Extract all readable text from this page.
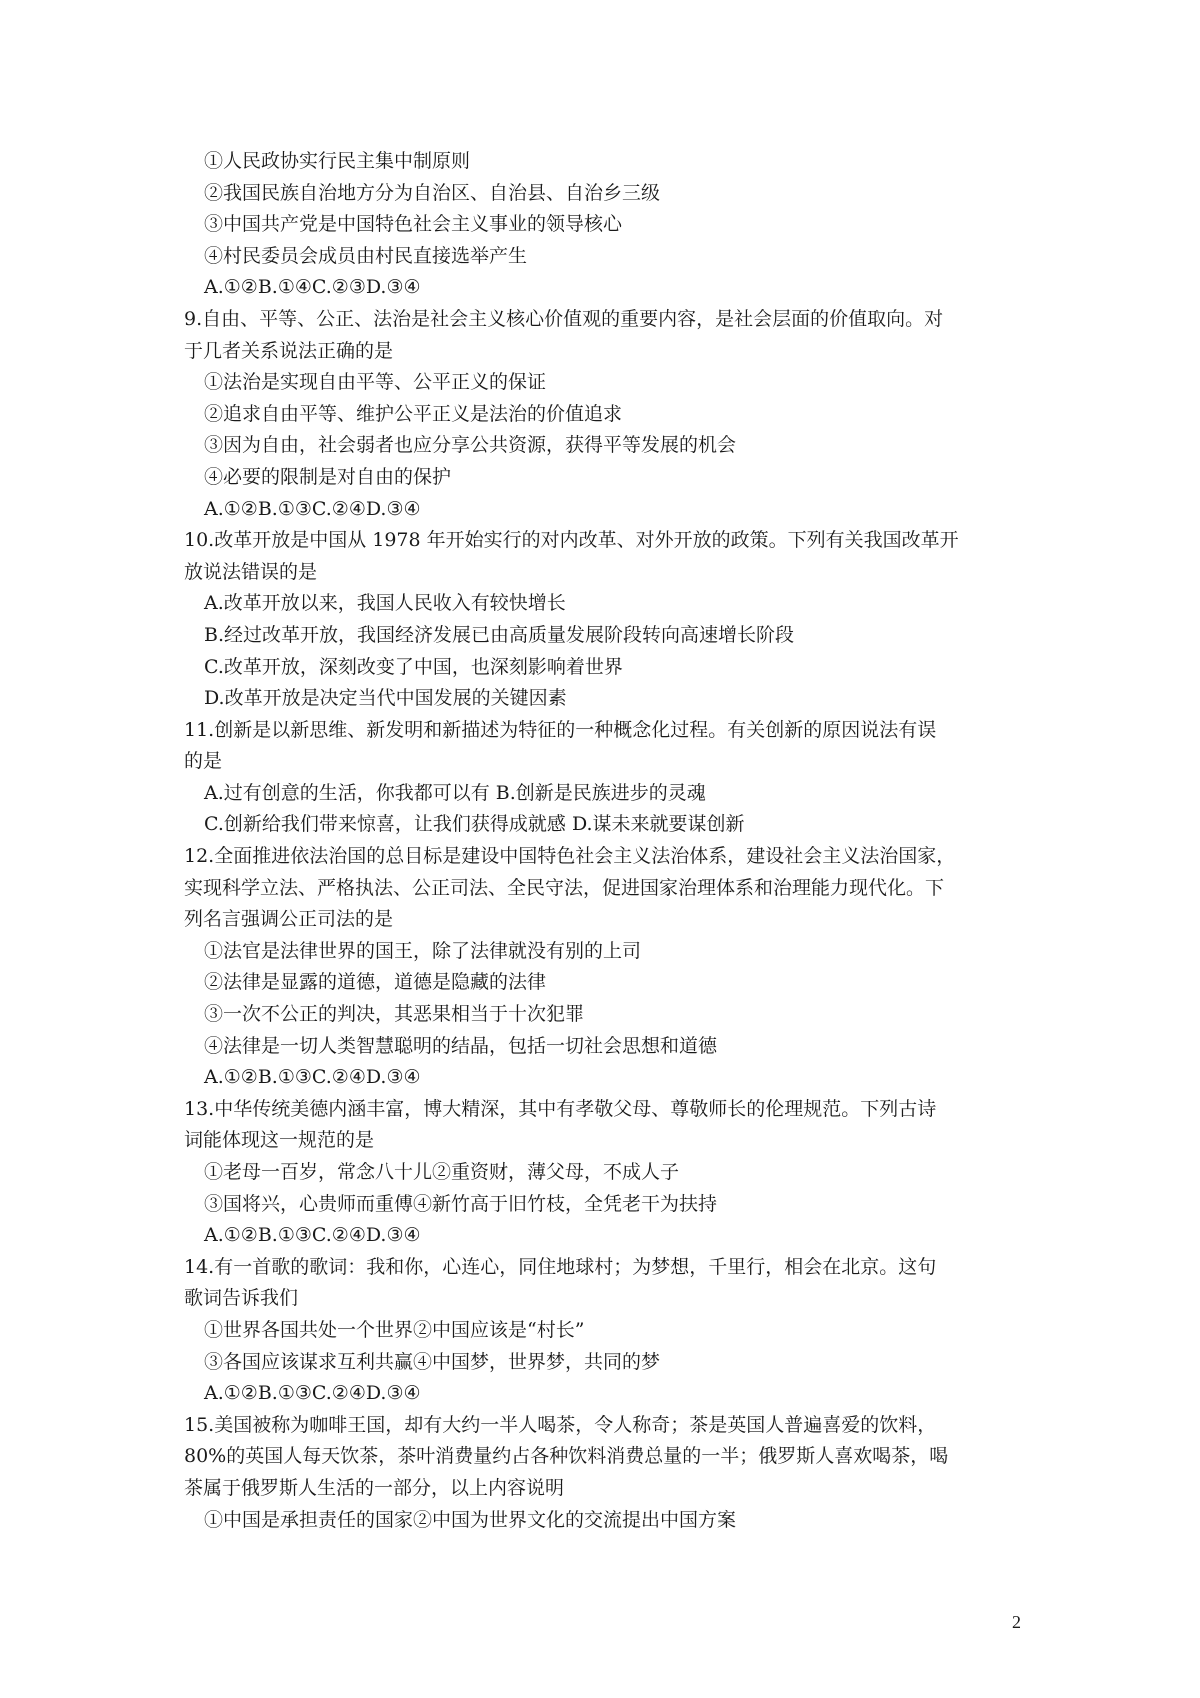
①人民政协实行民主集中制原则
②我国民族自治地方分为自治区、自治县、自治乡三级
③中国共产党是中国特色社会主义事业的领导核心
④村民委员会成员由村民直接选举产生
A.①②B.①④C.②③D.③④
9.自由、平等、公正、法治是社会主义核心价值观的重要内容，是社会层面的价值取向。对
于几者关系说法正确的是
①法治是实现自由平等、公平正义的保证
②追求自由平等、维护公平正义是法治的价值追求
③因为自由，社会弱者也应分享公共资源，获得平等发展的机会
④必要的限制是对自由的保护
A.①②B.①③C.②④D.③④
10.改革开放是中国从 1978 年开始实行的对内改革、对外开放的政策。下列有关我国改革开
放说法错误的是
A.改革开放以来，我国人民收入有较快增长
B.经过改革开放，我国经济发展已由高质量发展阶段转向高速增长阶段
C.改革开放，深刻改变了中国，也深刻影响着世界
D.改革开放是决定当代中国发展的关键因素
11.创新是以新思维、新发明和新描述为特征的一种概念化过程。有关创新的原因说法有误
的是
A.过有创意的生活，你我都可以有 B.创新是民族进步的灵魂
C.创新给我们带来惊喜，让我们获得成就感 D.谋未来就要谋创新
12.全面推进依法治国的总目标是建设中国特色社会主义法治体系，建设社会主义法治国家，
实现科学立法、严格执法、公正司法、全民守法，促进国家治理体系和治理能力现代化。下
列名言强调公正司法的是
①法官是法律世界的国王，除了法律就没有别的上司
②法律是显露的道德，道德是隐藏的法律
③一次不公正的判决，其恶果相当于十次犯罪
④法律是一切人类智慧聪明的结晶，包括一切社会思想和道德
A.①②B.①③C.②④D.③④
13.中华传统美德内涵丰富，博大精深，其中有孝敬父母、尊敬师长的伦理规范。下列古诗
词能体现这一规范的是
①老母一百岁，常念八十儿②重资财，薄父母，不成人子
③国将兴，心贵师而重傅④新竹高于旧竹枝，全凭老干为扶持
A.①②B.①③C.②④D.③④
14.有一首歌的歌词：我和你，心连心，同住地球村；为梦想，千里行，相会在北京。这句
歌词告诉我们
①世界各国共处一个世界②中国应该是“村长”
③各国应该谋求互利共赢④中国梦，世界梦，共同的梦
A.①②B.①③C.②④D.③④
15.美国被称为咖啡王国，却有大约一半人喝茶，令人称奇；茶是英国人普遍喜爱的饮料，
80%的英国人每天饮茶，茶叶消费量约占各种饮料消费总量的一半；俄罗斯人喜欢喝茶，喝
茶属于俄罗斯人生活的一部分，以上内容说明
①中国是承担责任的国家②中国为世界文化的交流提出中国方案
2
